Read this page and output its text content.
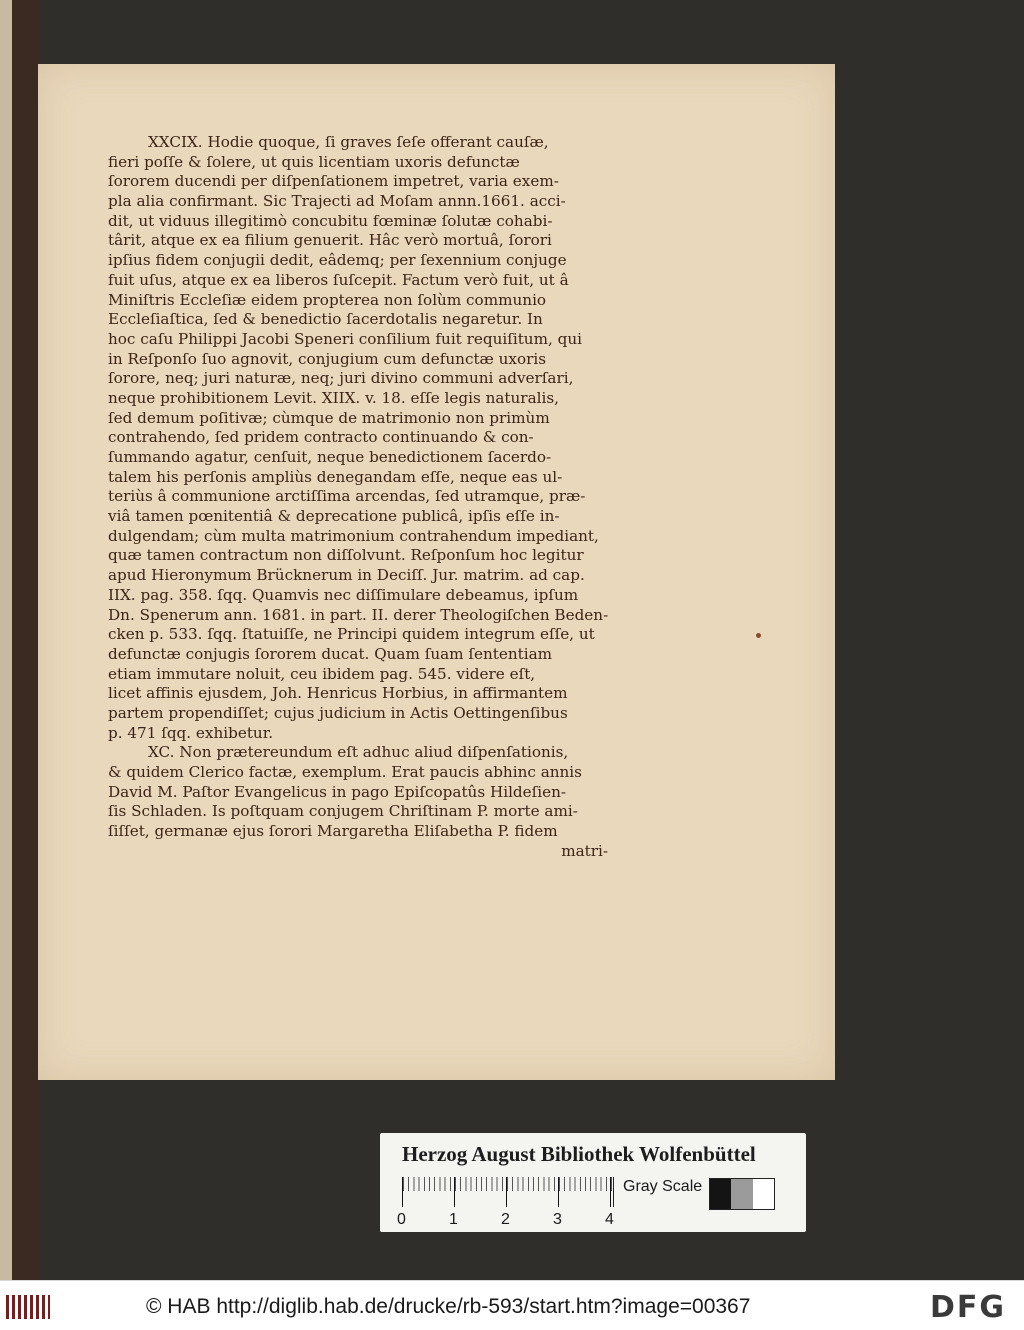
XXCIX. Hodie quoque, ſi graves ſeſe offerant cauſæ,
fieri poſſe & ſolere, ut quis licentiam uxoris defunctæ
ſororem ducendi per diſpenſationem impetret, varia exem-
pla alia confirmant. Sic Trajecti ad Moſam annn.1661. acci-
dit, ut viduus illegitimò concubitu fœminæ ſolutæ cohabi-
târit, atque ex ea filium genuerit. Hâc verò mortuâ, ſorori
ipſius fidem conjugii dedit, eâdemq; per ſexennium conjuge
fuit uſus, atque ex ea liberos ſuſcepit. Factum verò fuit, ut â
Miniſtris Eccleſiæ eidem propterea non ſolùm communio
Eccleſiaſtica, ſed & benedictio ſacerdotalis negaretur. In
hoc caſu Philippi Jacobi Speneri conſilium fuit requiſitum, qui
in Reſponſo ſuo agnovit, conjugium cum defunctæ uxoris
ſorore, neq; juri naturæ, neq; juri divino communi adverſari,
neque prohibitionem Levit. XIIX. v. 18. eſſe legis naturalis,
ſed demum poſitivæ; cùmque de matrimonio non primùm
contrahendo, ſed pridem contracto continuando & con-
ſummando agatur, cenſuit, neque benedictionem ſacerdo-
talem his perſonis ampliùs denegandam eſſe, neque eas ul-
teriùs â communione arctiſſima arcendas, ſed utramque, præ-
viâ tamen pœnitentiâ & deprecatione publicâ, ipſis eſſe in-
dulgendam; cùm multa matrimonium contrahendum impediant,
quæ tamen contractum non diſſolvunt. Reſponſum hoc legitur
apud Hieronymum Brücknerum in Deciſſ. Jur. matrim. ad cap.
IIX. pag. 358. ſqq. Quamvis nec diſſimulare debeamus, ipſum
Dn. Spenerum ann. 1681. in part. II. derer Theologiſchen Beden-
cken p. 533. ſqq. ſtatuiſſe, ne Principi quidem integrum eſſe, ut
defunctæ conjugis ſororem ducat. Quam ſuam ſententiam
etiam immutare noluit, ceu ibidem pag. 545. videre eſt,
licet affinis ejusdem, Joh. Henricus Horbius, in affirmantem
partem propendiſſet; cujus judicium in Actis Oettingenſibus
p. 471 ſqq. exhibetur.
XC. Non prætereundum eſt adhuc aliud diſpenſationis,
& quidem Clerico factæ, exemplum. Erat paucis abhinc annis
David M. Paſtor Evangelicus in pago Epiſcopatûs Hildeſien-
ſis Schladen. Is poſtquam conjugem Chriſtinam P. morte ami-
ſiſſet, germanæ ejus ſorori Margaretha Eliſabetha P. fidem
matri-
Herzog August Bibliothek Wolfenbüttel
0	1	2	3	4
Gray Scale
© HAB http://diglib.hab.de/drucke/rb-593/start.htm?image=00367	DFG
